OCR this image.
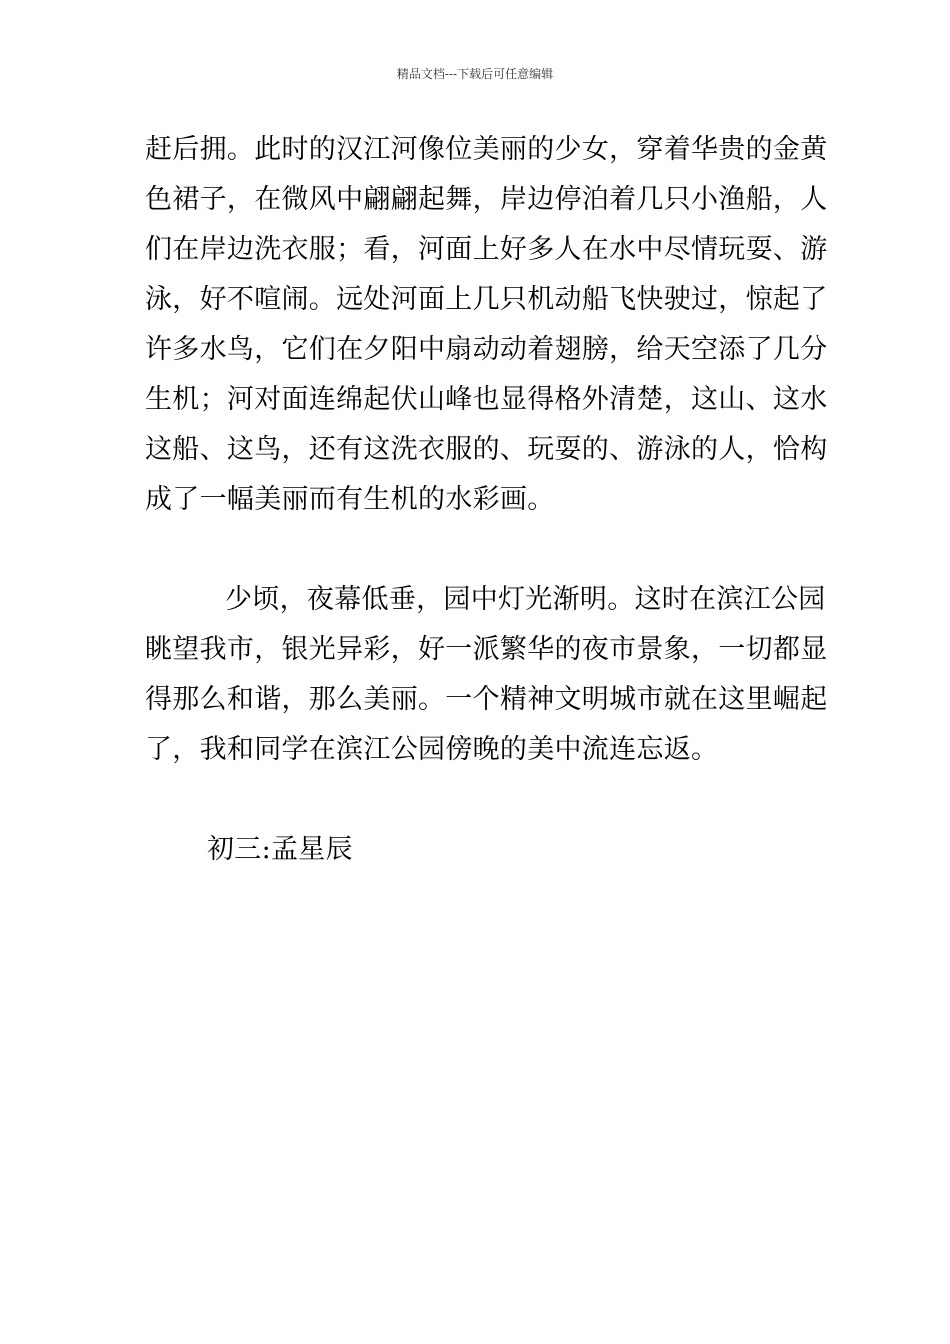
精品文档---下载后可任意编辑
赶后拥。此时的汉江河像位美丽的少女，穿着华贵的金黄
色裙子，在微风中翩翩起舞，岸边停泊着几只小渔船，人
们在岸边洗衣服；看，河面上好多人在水中尽情玩耍、游
泳，好不喧闹。远处河面上几只机动船飞快驶过，惊起了
许多水鸟，它们在夕阳中扇动动着翅膀，给天空添了几分
生机；河对面连绵起伏山峰也显得格外清楚，这山、这水
这船、这鸟，还有这洗衣服的、玩耍的、游泳的人，恰构
成了一幅美丽而有生机的水彩画。
少顷，夜幕低垂，园中灯光渐明。这时在滨江公园
眺望我市，银光异彩，好一派繁华的夜市景象，一切都显
得那么和谐，那么美丽。一个精神文明城市就在这里崛起
了，我和同学在滨江公园傍晚的美中流连忘返。
初三:孟星辰
